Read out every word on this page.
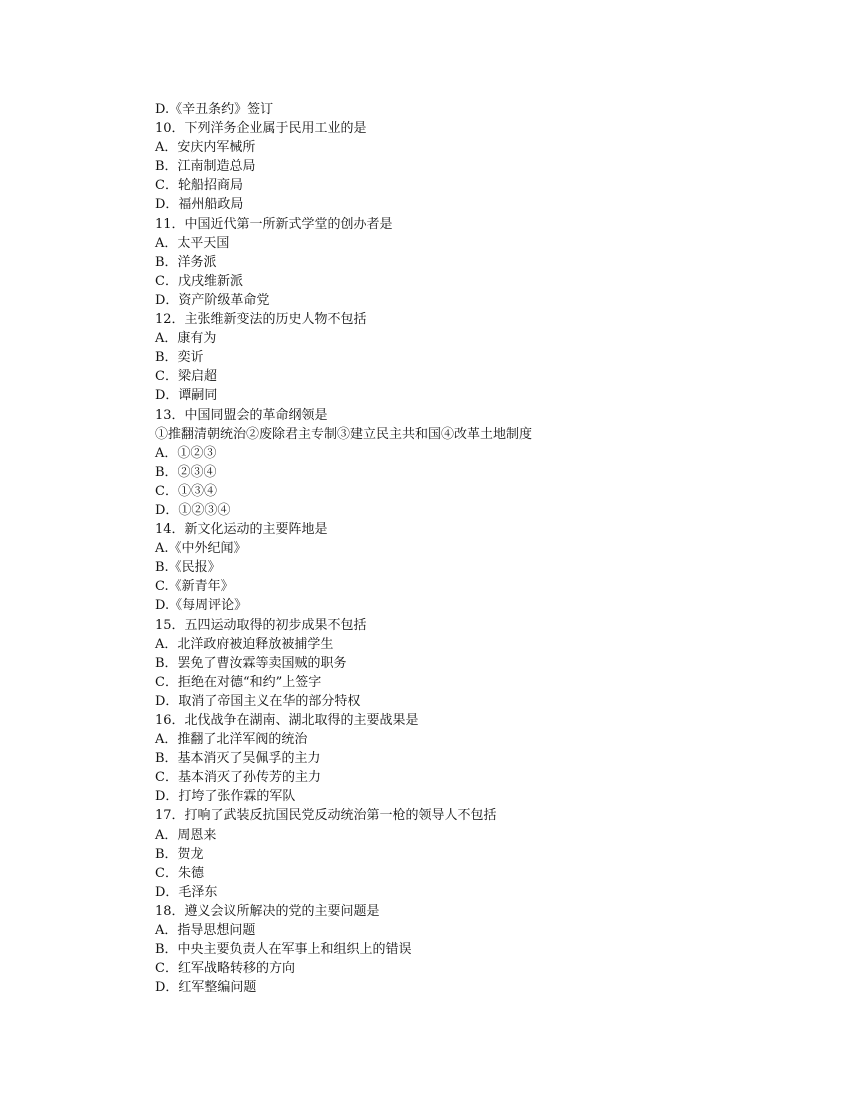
D.《辛丑条约》签订
10．下列洋务企业属于民用工业的是
A．安庆内军械所
B．江南制造总局
C．轮船招商局
D．福州船政局
11．中国近代第一所新式学堂的创办者是
A．太平天国
B．洋务派
C．戊戌维新派
D．资产阶级革命党
12．主张维新变法的历史人物不包括
A．康有为
B．奕䜣
C．梁启超
D．谭嗣同
13．中国同盟会的革命纲领是
①推翻清朝统治②废除君主专制③建立民主共和国④改革土地制度
A．①②③
B．②③④
C．①③④
D．①②③④
14．新文化运动的主要阵地是
A.《中外纪闻》
B.《民报》
C.《新青年》
D.《每周评论》
15．五四运动取得的初步成果不包括
A．北洋政府被迫释放被捕学生
B．罢免了曹汝霖等卖国贼的职务
C．拒绝在对德“和约”上签字
D．取消了帝国主义在华的部分特权
16．北伐战争在湖南、湖北取得的主要战果是
A．推翻了北洋军阀的统治
B．基本消灭了吴佩孚的主力
C．基本消灭了孙传芳的主力
D．打垮了张作霖的军队
17．打响了武装反抗国民党反动统治第一枪的领导人不包括
A．周恩来
B．贺龙
C．朱德
D．毛泽东
18．遵义会议所解决的党的主要问题是
A．指导思想问题
B．中央主要负责人在军事上和组织上的错误
C．红军战略转移的方向
D．红军整编问题
